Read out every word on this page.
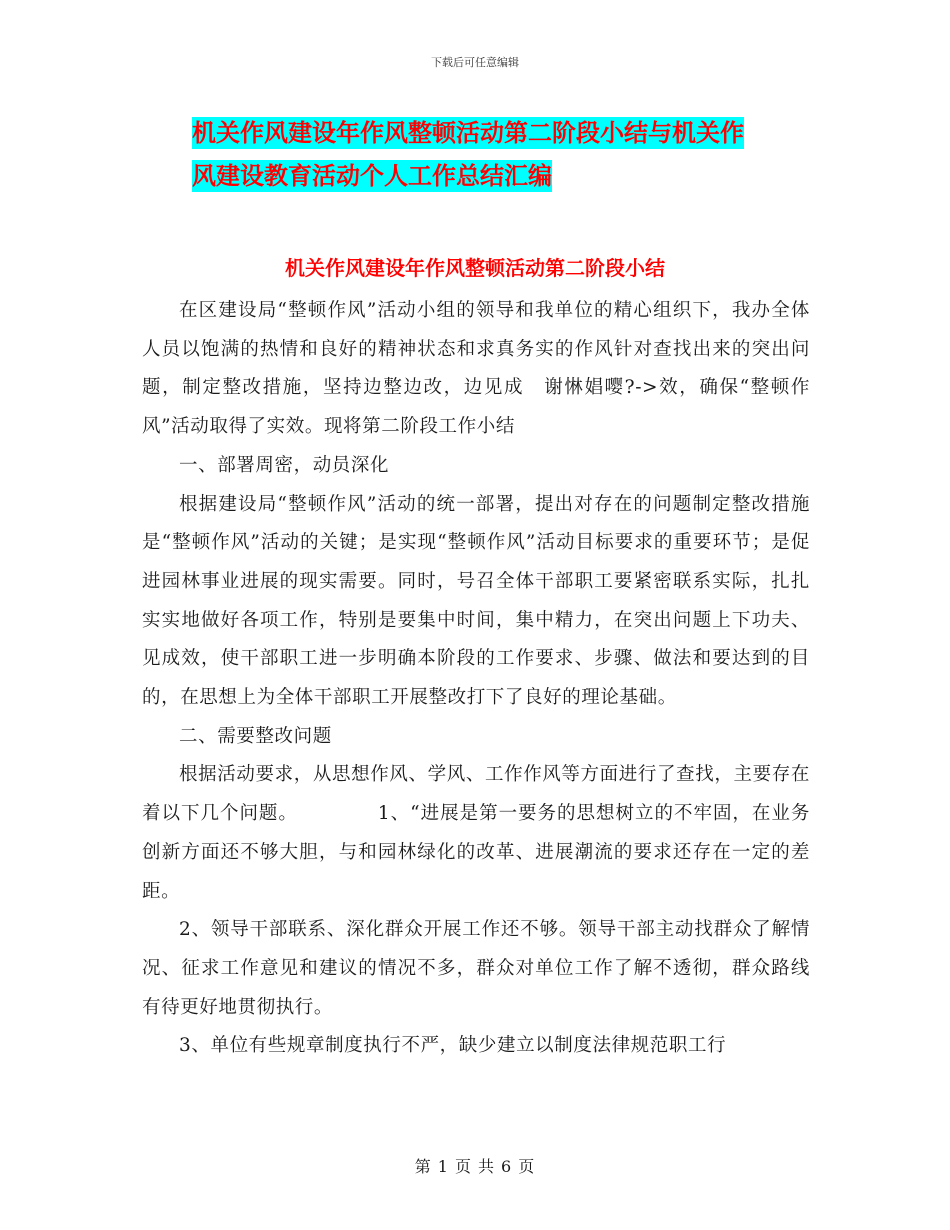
下载后可任意编辑
机关作风建设年作风整顿活动第二阶段小结与机关作
风建设教育活动个人工作总结汇编
机关作风建设年作风整顿活动第二阶段小结

在区建设局“整顿作风”活动小组的领导和我单位的精心组织下，我办全体人员以饱满的热情和良好的精神状态和求真务实的作风针对查找出来的突出问题，制定整改措施，坚持边整边改，边见成　谢惏娼嘤?->效，确保“整顿作风”活动取得了实效。现将第二阶段工作小结

一、部署周密，动员深化

根据建设局“整顿作风”活动的统一部署，提出对存在的问题制定整改措施是“整顿作风”活动的关键；是实现“整顿作风”活动目标要求的重要环节；是促进园林事业进展的现实需要。同时，号召全体干部职工要紧密联系实际，扎扎实实地做好各项工作，特别是要集中时间，集中精力，在突出问题上下功夫、见成效，使干部职工进一步明确本阶段的工作要求、步骤、做法和要达到的目的，在思想上为全体干部职工开展整改打下了良好的理论基础。

二、需要整改问题

根据活动要求，从思想作风、学风、工作作风等方面进行了查找，主要存在着以下几个问题。	1、“进展是第一要务的思想树立的不牢固，在业务创新方面还不够大胆，与和园林绿化的改革、进展潮流的要求还存在一定的差距。

2、领导干部联系、深化群众开展工作还不够。领导干部主动找群众了解情况、征求工作意见和建议的情况不多，群众对单位工作了解不透彻，群众路线有待更好地贯彻执行。

3、单位有些规章制度执行不严，缺少建立以制度法律规范职工行

第 1 页 共 6 页
